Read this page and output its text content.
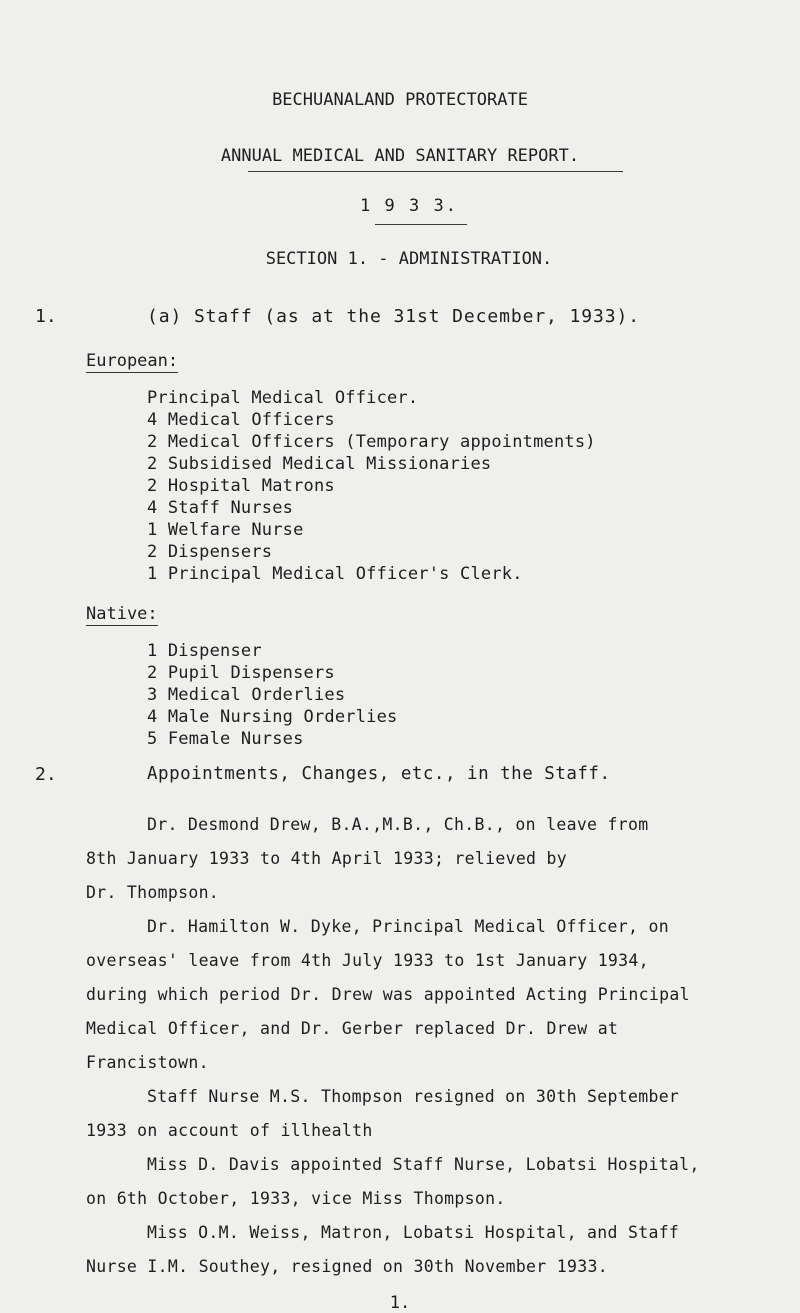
BECHUANALAND PROTECTORATE
ANNUAL MEDICAL AND SANITARY REPORT.
1 9 3 3.
SECTION 1. - ADMINISTRATION.
1.	(a) Staff (as at the 31st December, 1933).
European:
Principal Medical Officer.
4 Medical Officers
2 Medical Officers (Temporary appointments)
2 Subsidised Medical Missionaries
2 Hospital Matrons
4 Staff Nurses
1 Welfare Nurse
2 Dispensers
1 Principal Medical Officer's Clerk.
Native:
1 Dispenser
2 Pupil Dispensers
3 Medical Orderlies
4 Male Nursing Orderlies
5 Female Nurses
2.	Appointments, Changes, etc., in the Staff.
Dr. Desmond Drew, B.A.,M.B., Ch.B., on leave from
8th January 1933 to 4th April 1933; relieved by
Dr. Thompson.
Dr. Hamilton W. Dyke, Principal Medical Officer, on
overseas' leave from 4th July 1933 to 1st January 1934,
during which period Dr. Drew was appointed Acting Principal
Medical Officer, and Dr. Gerber replaced Dr. Drew at
Francistown.
Staff Nurse M.S. Thompson resigned on 30th September
1933 on account of illhealth
Miss D. Davis appointed Staff Nurse, Lobatsi Hospital,
on 6th October, 1933, vice Miss Thompson.
Miss O.M. Weiss, Matron, Lobatsi Hospital, and Staff
Nurse I.M. Southey, resigned on 30th November 1933.
1.
